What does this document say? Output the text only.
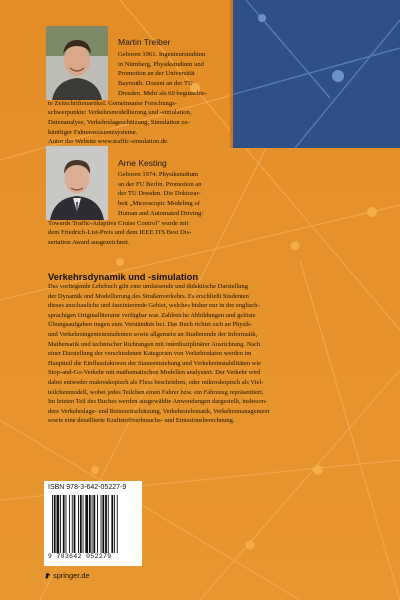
Martin Treiber
Geboren 1961. Ingenieurstudium
in Nürnberg, Physikstudium und
Promotion an der Universität
Bayreuth. Dozent an der TU
Dresden. Mehr als 60 begutachte-
te Zeitschriftenartikel. Gemeinsame Forschungs-
schwerpunkte: Verkehrsmodellierung und -simulation,
Datenanalyse, Verkehrslageschätzung, Simulation zu-
künftiger Fahrerassistenzsysteme.
Autor der Website www.traffic-simulation.de.
Arne Kesting
Geboren 1974. Physikstudium
an der FU Berlin. Promotion an
der TU Dresden. Die Doktorar-
beit „Microscopic Modeling of
Human and Automated Driving:
Towards Traffic-Adaptive Cruise Control" wurde mit
dem Friedrich-List-Preis und dem IEEE ITS Best Dis-
sertation Award ausgezeichnet.
Verkehrsdynamik und -simulation
Das vorliegende Lehrbuch gibt eine umfassende und didaktische Darstellung
der Dynamik und Modellierung des Straßenverkehrs. Es erschließt Studenten
dieses anschauliche und faszinierende Gebiet, welches bisher nur in der englisch-
sprachigen Originalliteratur verfügbar war. Zahlreiche Abbildungen und gelöste
Übungsaufgaben tragen zum Verständnis bei. Das Buch richtet sich an Physik-
und Verkehrsingenieurstudenten sowie allgemein an Studierende der Informatik,
Mathematik und technischer Richtungen mit interdisziplinärer Ausrichtung. Nach
einer Darstellung der verschiedenen Kategorien von Verkehrsdaten werden im
Hauptteil die Einflussfaktoren der Staueentstehung und Verkehrsinstabilitäten wie
Stop-and-Go-Verkehr mit mathematischen Modellen analysiert. Der Verkehr wird
dabei entweder makroskopisch als Fluss beschrieben, oder mikroskopisch als Viel-
teilchenmodell, wobei jedes Teilchen einen Fahrer bzw. ein Fahrzeug repräsentiert.
Im letzten Teil des Buches werden ausgewählte Anwendungen dargestellt, insbeson-
dere Verkehrslage- und Reisezeitschätzung, Verkehrstelematik, Verkehrsmanagement
sowie eine detaillierte Kraftstoffverbrauchs- und Emissionsberechnung.
ISBN 978-3-642-05227-9
9 783642 052279
springer.de
